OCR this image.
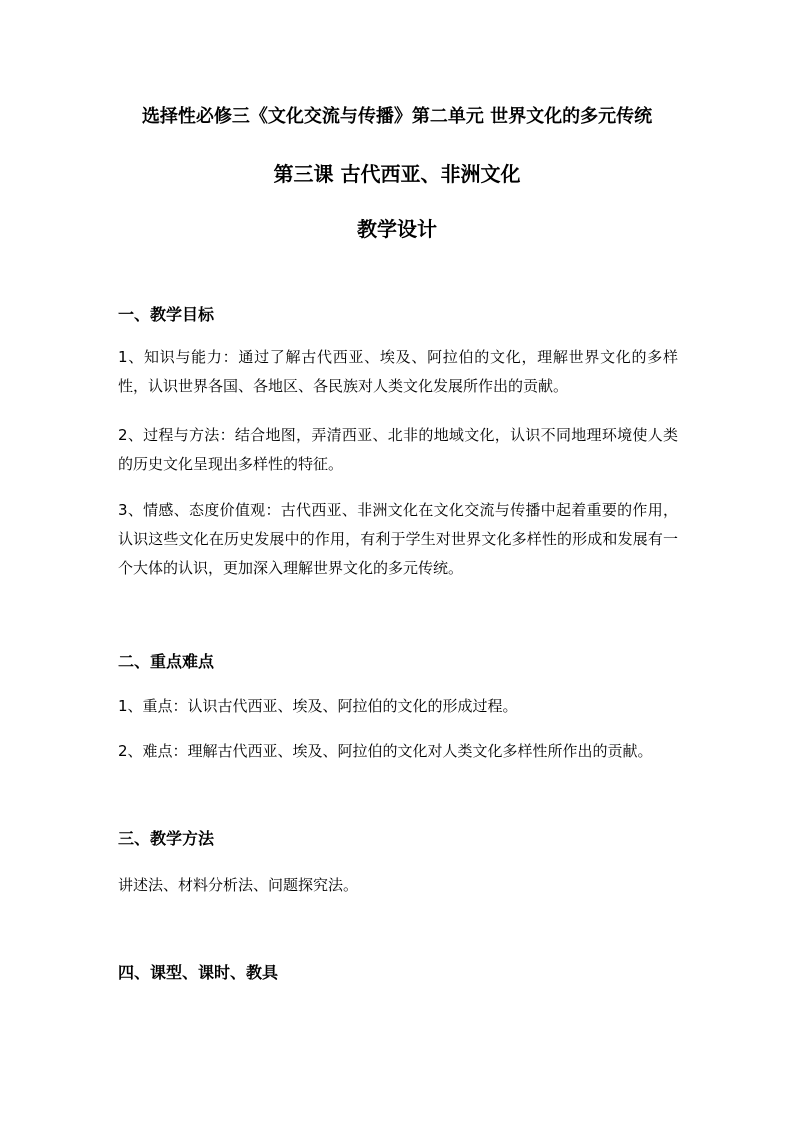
选择性必修三《文化交流与传播》第二单元 世界文化的多元传统
第三课 古代西亚、非洲文化
教学设计
一、教学目标

1、知识与能力：通过了解古代西亚、埃及、阿拉伯的文化，理解世界文化的多样性，认识世界各国、各地区、各民族对人类文化发展所作出的贡献。

2、过程与方法：结合地图，弄清西亚、北非的地域文化，认识不同地理环境使人类的历史文化呈现出多样性的特征。

3、情感、态度价值观：古代西亚、非洲文化在文化交流与传播中起着重要的作用，认识这些文化在历史发展中的作用，有利于学生对世界文化多样性的形成和发展有一个大体的认识，更加深入理解世界文化的多元传统。

二、重点难点

1、重点：认识古代西亚、埃及、阿拉伯的文化的形成过程。

2、难点：理解古代西亚、埃及、阿拉伯的文化对人类文化多样性所作出的贡献。

三、教学方法

讲述法、材料分析法、问题探究法。

四、课型、课时、教具
